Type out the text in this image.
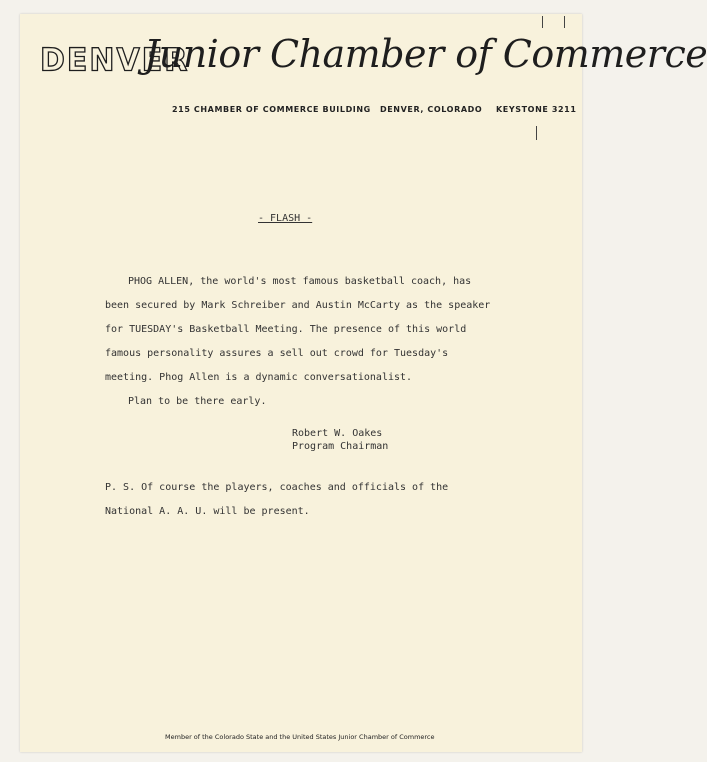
DENVER
Junior Chamber of Commerce
215 CHAMBER OF COMMERCE BUILDING DENVER, COLORADO KEYSTONE 3211
- FLASH -
PHOG ALLEN, the world's most famous basketball coach, has
been secured by Mark Schreiber and Austin McCarty as the speaker
for TUESDAY's Basketball Meeting. The presence of this world
famous personality assures a sell out crowd for Tuesday's
meeting. Phog Allen is a dynamic conversationalist.
Plan to be there early.
Robert W. Oakes
Program Chairman
P. S. Of course the players, coaches and officials of the
National A. A. U. will be present.
Member of the Colorado State and the United States Junior Chamber of Commerce
